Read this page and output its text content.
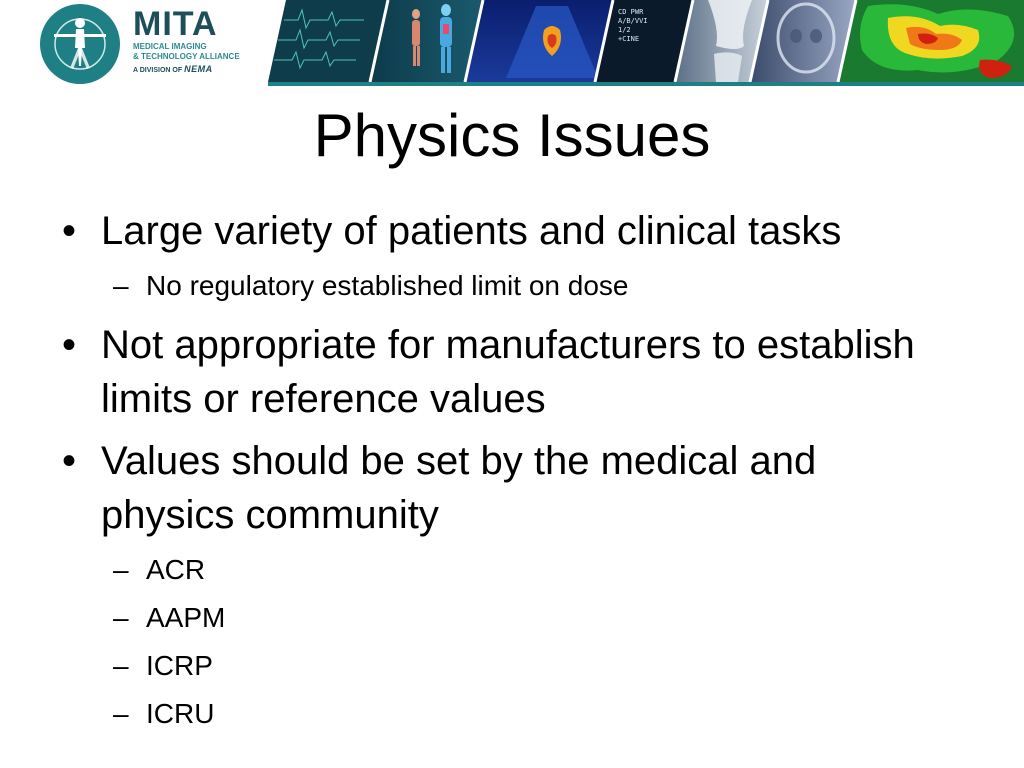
MITA
MEDICAL IMAGING
& TECHNOLOGY ALLIANCE
A DIVISION OF NEMA
CD PWR
A/B/VVI
1/2
+CINE
Physics Issues
• Large variety of patients and clinical tasks
– No regulatory established limit on dose
• Not appropriate for manufacturers to establish limits or reference values
• Values should be set by the medical and physics community
– ACR
– AAPM
– ICRP
– ICRU
